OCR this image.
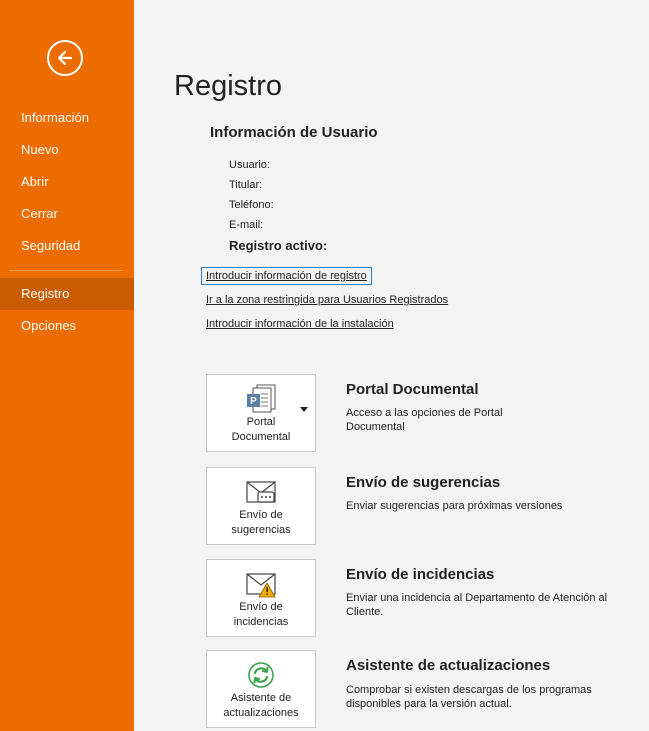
Información
Nuevo
Abrir
Cerrar
Seguridad
Registro
Opciones
Registro
Información de Usuario
Usuario:
Titular:
Teléfono:
E-mail:
Registro activo:
Introducir información de registro
Ir a la zona restringida para Usuarios Registrados
Introducir información de la instalación
P
Portal
Documental
Portal Documental
Acceso a las opciones de Portal Documental
Envío de
sugerencias
Envío de sugerencias
Enviar sugerencias para próximas versiones
Envío de
incidencias
Envío de incidencias
Enviar una incidencia al Departamento de Atención al Cliente.
Asistente de
actualizaciones
Asistente de actualizaciones
Comprobar si existen descargas de los programas disponibles para la versión actual.
